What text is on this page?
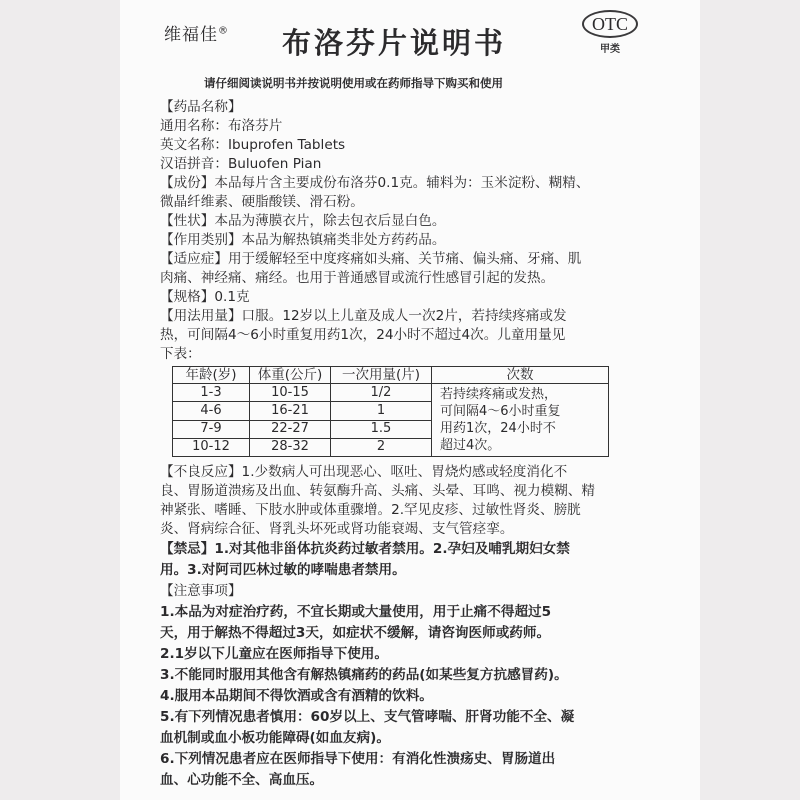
维福佳® 布洛芬片说明书
OTC
甲类
请仔细阅读说明书并按说明使用或在药师指导下购买和使用

【药品名称】

通用名称：布洛芬片

英文名称：Ibuprofen Tablets

汉语拼音：Buluofen Pian

【成份】本品每片含主要成份布洛芬0.1克。辅料为：玉米淀粉、糊精、

微晶纤维素、硬脂酸镁、滑石粉。

【性状】本品为薄膜衣片，除去包衣后显白色。

【作用类别】本品为解热镇痛类非处方药药品。

【适应症】用于缓解轻至中度疼痛如头痛、关节痛、偏头痛、牙痛、肌

肉痛、神经痛、痛经。也用于普通感冒或流行性感冒引起的发热。

【规格】0.1克

【用法用量】口服。12岁以上儿童及成人一次2片，若持续疼痛或发

热，可间隔4～6小时重复用药1次，24小时不超过4次。儿童用量见

下表：

年龄(岁)	体重(公斤)	一次用量(片)	次数
1-3	10-15	1/2	若持续疼痛或发热，
可间隔4～6小时重复
用药1次，24小时不
超过4次。

4-6	16-21	1	
7-9	22-27	1.5	
10-12	28-32	2	

【不良反应】1.少数病人可出现恶心、呕吐、胃烧灼感或轻度消化不

良、胃肠道溃疡及出血、转氨酶升高、头痛、头晕、耳鸣、视力模糊、精

神紧张、嗜睡、下肢水肿或体重骤增。2.罕见皮疹、过敏性肾炎、膀胱

炎、肾病综合征、肾乳头坏死或肾功能衰竭、支气管痉挛。

【禁忌】1.对其他非甾体抗炎药过敏者禁用。2.孕妇及哺乳期妇女禁

用。3.对阿司匹林过敏的哮喘患者禁用。

【注意事项】

1.本品为对症治疗药，不宜长期或大量使用，用于止痛不得超过5

天，用于解热不得超过3天，如症状不缓解，请咨询医师或药师。

2.1岁以下儿童应在医师指导下使用。

3.不能同时服用其他含有解热镇痛药的药品(如某些复方抗感冒药)。

4.服用本品期间不得饮酒或含有酒精的饮料。

5.有下列情况患者慎用：60岁以上、支气管哮喘、肝肾功能不全、凝

血机制或血小板功能障碍(如血友病)。

6.下列情况患者应在医师指导下使用：有消化性溃疡史、胃肠道出

血、心功能不全、高血压。
